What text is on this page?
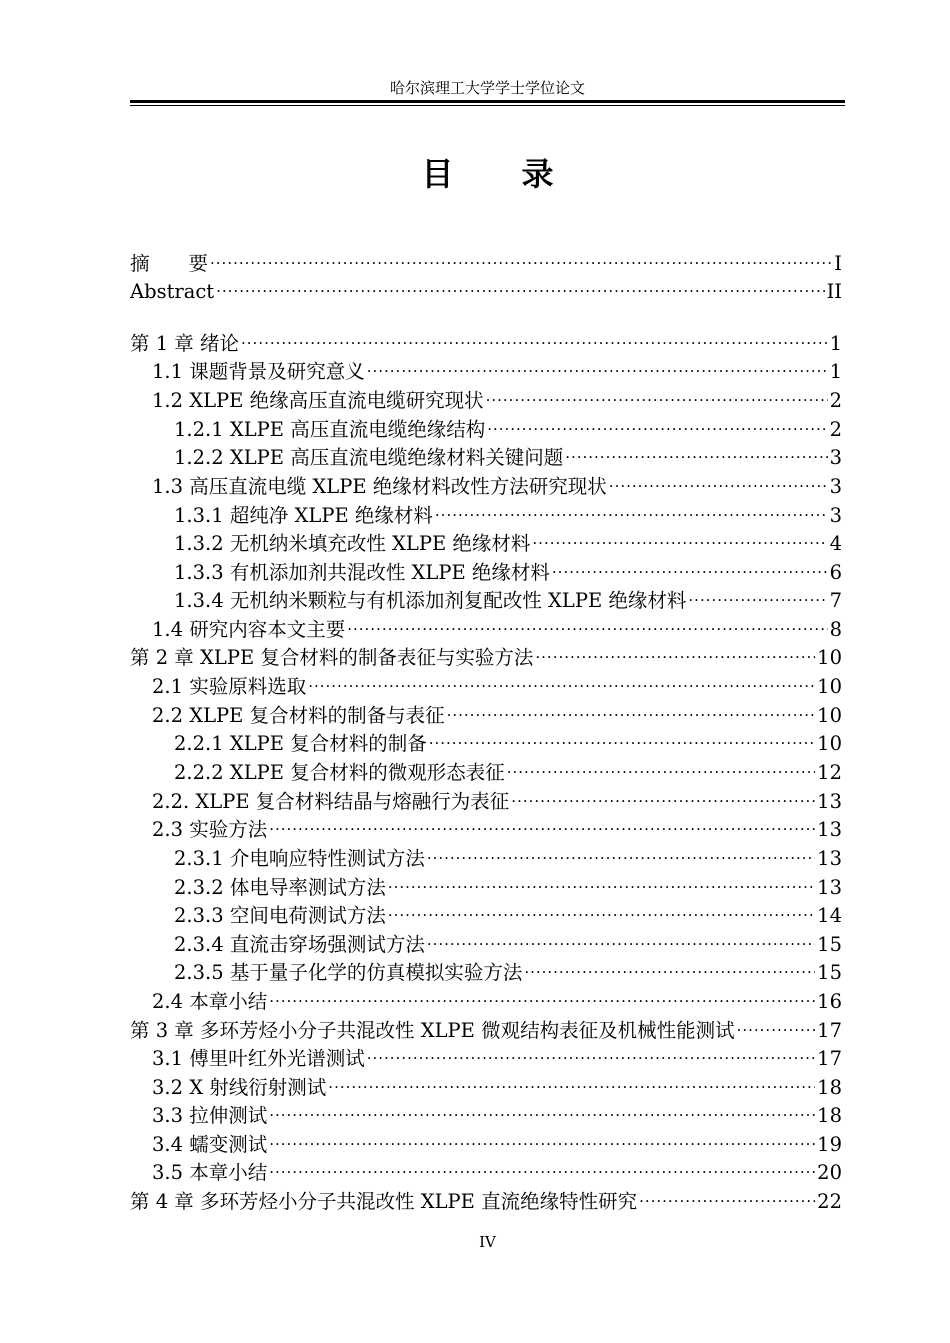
哈尔滨理工大学学士学位论文
目 录
摘　　要 .....	I
Abstract .....	II
第 1 章 绪论 .....	1
1.1 课题背景及研究意义 .....	1
1.2 XLPE 绝缘高压直流电缆研究现状 .....	2
1.2.1 XLPE 高压直流电缆绝缘结构 .....	2
1.2.2 XLPE 高压直流电缆绝缘材料关键问题 .....	3
1.3 高压直流电缆 XLPE 绝缘材料改性方法研究现状 .....	3
1.3.1 超纯净 XLPE 绝缘材料 .....	3
1.3.2 无机纳米填充改性 XLPE 绝缘材料 .....	4
1.3.3 有机添加剂共混改性 XLPE 绝缘材料 .....	6
1.3.4 无机纳米颗粒与有机添加剂复配改性 XLPE 绝缘材料 .....	7
1.4 研究内容本文主要 .....	8
第 2 章 XLPE 复合材料的制备表征与实验方法 .....	10
2.1 实验原料选取 .....	10
2.2 XLPE 复合材料的制备与表征 .....	10
2.2.1 XLPE 复合材料的制备 .....	10
2.2.2 XLPE 复合材料的微观形态表征 .....	12
2.2. XLPE 复合材料结晶与熔融行为表征 .....	13
2.3 实验方法 .....	13
2.3.1 介电响应特性测试方法 .....	13
2.3.2 体电导率测试方法 .....	13
2.3.3 空间电荷测试方法 .....	14
2.3.4 直流击穿场强测试方法 .....	15
2.3.5 基于量子化学的仿真模拟实验方法 .....	15
2.4 本章小结 .....	16
第 3 章 多环芳烃小分子共混改性 XLPE 微观结构表征及机械性能测试 .....	17
3.1 傅里叶红外光谱测试 .....	17
3.2 X 射线衍射测试 .....	18
3.3 拉伸测试 .....	18
3.4 蠕变测试 .....	19
3.5 本章小结 .....	20
第 4 章 多环芳烃小分子共混改性 XLPE 直流绝缘特性研究 .....	22
IV
